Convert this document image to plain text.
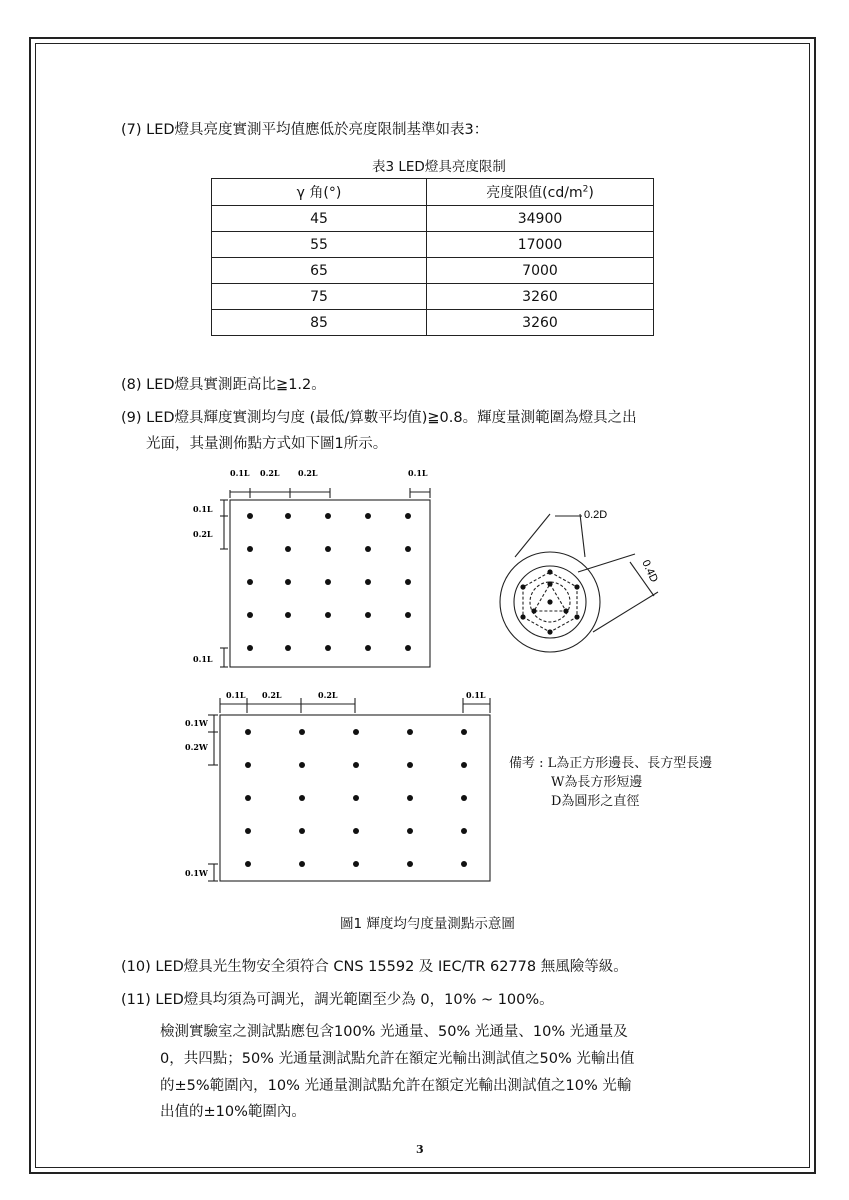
(7) LED燈具亮度實測平均值應低於亮度限制基準如表3：
表3 LED燈具亮度限制
γ 角(°)	亮度限值$(cd/m^2)$
45	34900
55	17000
65	7000
75	3260
85	3260
(8) LED燈具實測距高比≧1.2。
(9) LED燈具輝度實測均勻度 (最低/算數平均值)≧0.8。輝度量測範圍為燈具之出
光面，其量測佈點方式如下圖1所示。
0.1L 0.2L 0.2L	0.1L
0.1L
0.2L
0.1L
0.2D
0.4D
0.1L 0.2L	0.2L	0.1L
0.1W
0.2W
0.1W
備考 : L為正方形邊長、長方型長邊
W為長方形短邊
D為圓形之直徑
圖1 輝度均勻度量測點示意圖
(10) LED燈具光生物安全須符合 CNS 15592 及 IEC/TR 62778 無風險等級。
(11) LED燈具均須為可調光，調光範圍至少為 0，10% ~ 100%。
檢測實驗室之測試點應包含100% 光通量、50% 光通量、10% 光通量及
0，共四點；50% 光通量測試點允許在額定光輸出測試值之50% 光輸出值
的±5%範圍內，10% 光通量測試點允許在額定光輸出測試值之10% 光輸
出值的±10%範圍內。
3
